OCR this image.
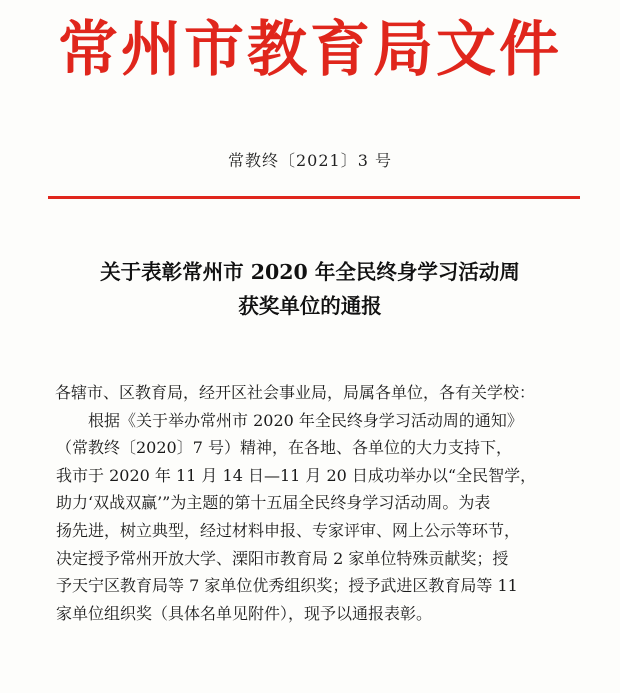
常州市教育局文件
常教终〔2021〕3 号
关于表彰常州市 2020 年全民终身学习活动周
获奖单位的通报
各辖市、区教育局，经开区社会事业局，局属各单位，各有关学校：
根据《关于举办常州市 2020 年全民终身学习活动周的通知》
（常教终〔2020〕7 号）精神，在各地、各单位的大力支持下，
我市于 2020 年 11 月 14 日—11 月 20 日成功举办以“全民智学，
助力‘双战双赢’”为主题的第十五届全民终身学习活动周。为表
扬先进，树立典型，经过材料申报、专家评审、网上公示等环节，
决定授予常州开放大学、溧阳市教育局 2 家单位特殊贡献奖；授
予天宁区教育局等 7 家单位优秀组织奖；授予武进区教育局等 11
家单位组织奖（具体名单见附件），现予以通报表彰。
